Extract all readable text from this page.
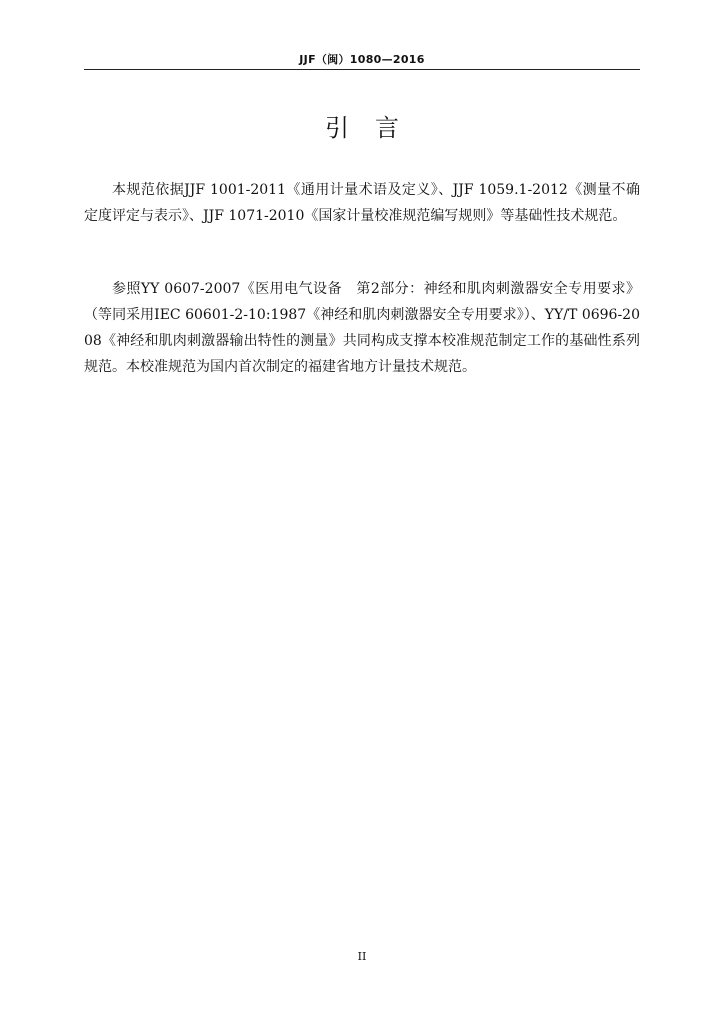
JJF（闽）1080—2016
引言

本规范依据JJF 1001-2011《通用计量术语及定义》、JJF 1059.1-2012《测量不确定度评定与表示》、JJF 1071-2010《国家计量校准规范编写规则》等基础性技术规范。

参照YY 0607-2007《医用电气设备　第2部分：神经和肌肉刺激器安全专用要求》（等同采用IEC 60601-2-10:1987《神经和肌肉刺激器安全专用要求》）、YY/T 0696-2008《神经和肌肉刺激器输出特性的测量》共同构成支撑本校准规范制定工作的基础性系列规范。本校准规范为国内首次制定的福建省地方计量技术规范。

II
